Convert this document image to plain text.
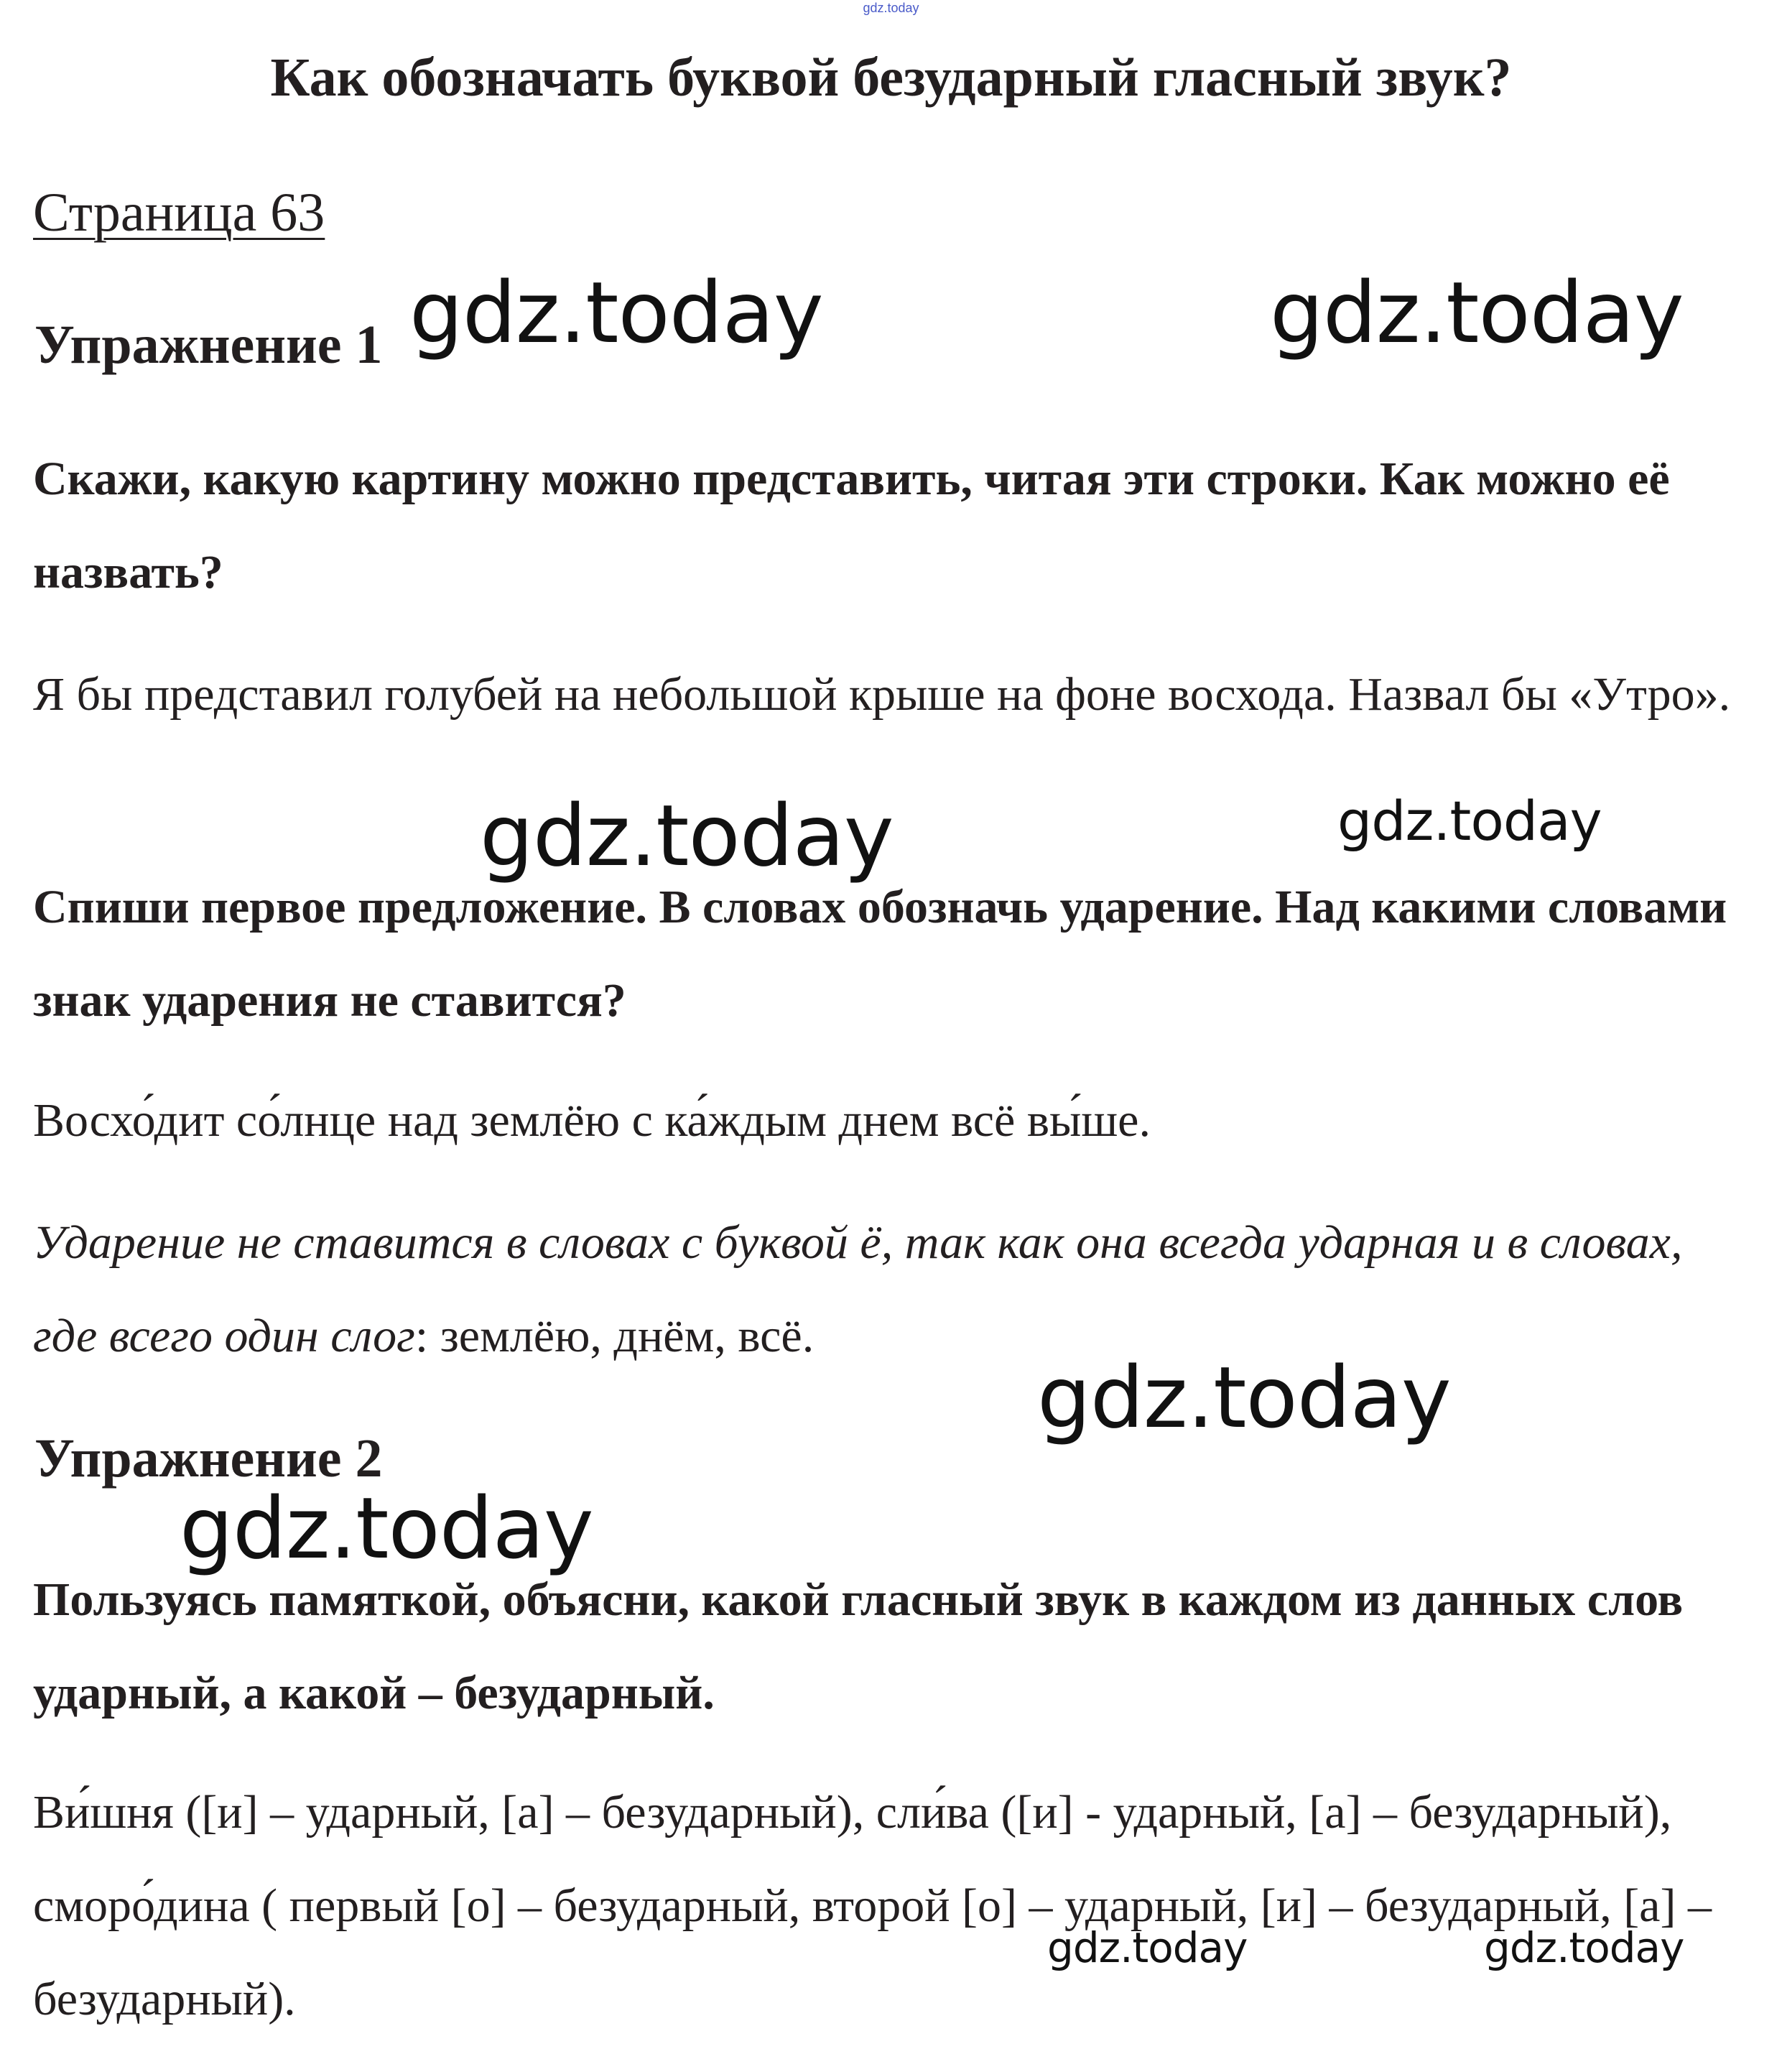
gdz.today
Как обозначать буквой безударный гласный звук?
Страница 63
Упражнение 1
Скажи, какую картину можно представить, читая эти строки. Как можно её назвать?
Я бы представил голубей на небольшой крыше на фоне восхода. Назвал бы «Утро».
Спиши первое предложение. В словах обозначь ударение. Над какими словами знак ударения не ставится?
Восхо́дит со́лнце над землёю с ка́ждым днем всё вы́ше.
Ударение не ставится в словах с буквой ё, так как она всегда ударная и в словах, где всего один слог: землёю, днём, всё.
Упражнение 2
Пользуясь памяткой, объясни, какой гласный звук в каждом из данных слов ударный, а какой – безударный.
Ви́шня ([и] – ударный, [а] – безударный), сли́ва ([и] - ударный, [а] – безударный), сморо́дина ( первый [о] – безударный, второй [о] – ударный, [и] – безударный, [а] – безударный).
gdz.today	gdz.today
gdz.today	gdz.today
gdz.today
gdz.today
gdz.today	gdz.today
